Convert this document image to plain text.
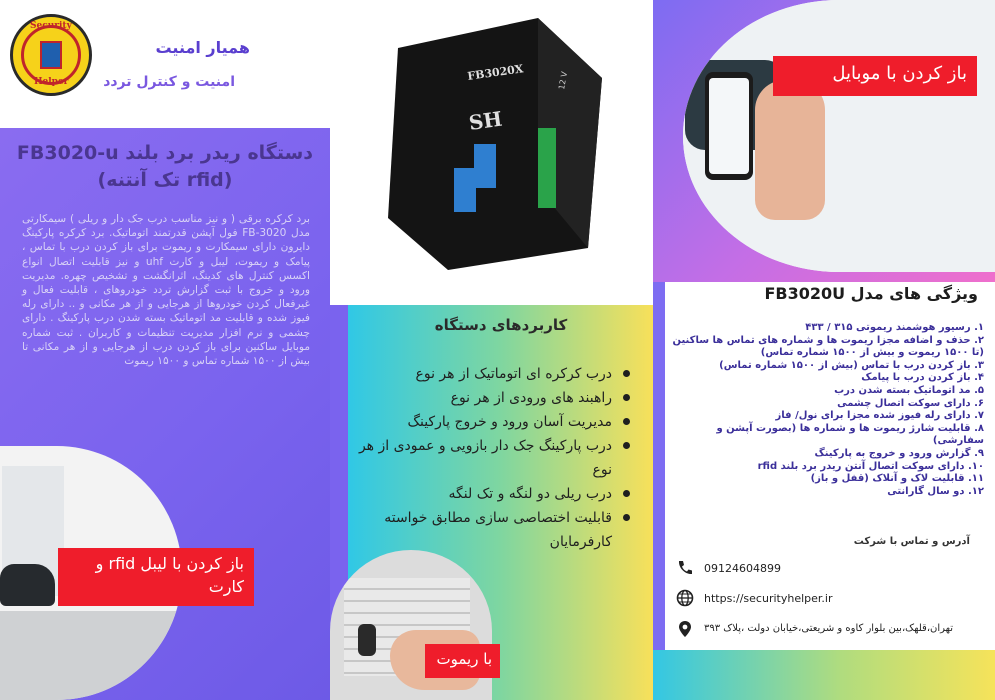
Security
Helper
همیار امنیت
امنیت و کنترل تردد
دستگاه ریدر برد بلند FB3020-u (rfid تک آنتنه)
برد کرکره برقی ( و نیز مناسب درب جک دار و ریلی ) سیمکارتی مدل FB-3020 فول آپشن قدرتمند اتوماتیک. برد کرکره پارکینگ دایرون دارای سیمکارت و ریموت برای باز کردن درب با تماس ، پیامک و ریموت، لیبل و کارت uhf و نیز قابلیت اتصال انواع اکسس کنترل های کدینگ، اثرانگشت و تشخیص چهره. مدیریت ورود و خروج با ثبت گزارش تردد خودروهای ، قابلیت فعال و غیرفعال کردن خودروها از هرجایی و از هر مکانی و .. دارای رله فیوز شده و قابلیت مد اتوماتیک بسته شدن درب پارکینگ . دارای چشمی و نرم افزار مدیریت تنظیمات و کاربران . ثبت شماره موبایل ساکنین برای باز کردن درب از هرجایی و از هر مکانی تا بیش از ۱۵۰۰ شماره تماس و ۱۵۰۰ ریموت
باز کردن با لیبل rfid و کارت
FB3020X
SH
12 V
کاربردهای دستگاه
درب کرکره ای اتوماتیک از هر نوع
راهبند های ورودی از هر نوع
مدیریت آسان ورود و خروج پارکینگ
درب پارکینگ جک دار بازویی و عمودی از هر نوع
درب ریلی دو لنگه و تک لنگه
قابلیت اختصاصی سازی مطابق خواسته کارفرمایان
با ریموت
باز کردن با موبایل
ویژگی های مدل FB3020U
۱. رسیور هوشمند ریموتی ۳۱۵ / ۴۳۳
۲. حذف و اضافه مجزا ریموت ها و شماره های تماس ها ساکنین (تا ۱۵۰۰ ریموت و بیش از ۱۵۰۰ شماره تماس)
۳. باز کردن درب با تماس (بیش از ۱۵۰۰ شماره تماس)
۴. باز کردن درب با پیامک
۵. مد اتوماتیک بسته شدن درب
۶. دارای سوکت اتصال چشمی
۷. دارای رله فیوز شده مجزا برای نول/ فاز
۸. قابلیت شارژ ریموت ها و شماره ها (بصورت آپشن و سفارشی)
۹. گزارش ورود و خروج به پارکینگ
۱۰. دارای سوکت اتصال آنتن ریدر برد بلند rfid
۱۱. قابلیت لاک و آنلاک (قفل و باز)
۱۲. دو سال گارانتی
آدرس و تماس با شرکت
09124604899
https://securityhelper.ir
تهران،قلهک،بین بلوار کاوه و شریعتی،خیابان دولت ،پلاک ۳۹۳
